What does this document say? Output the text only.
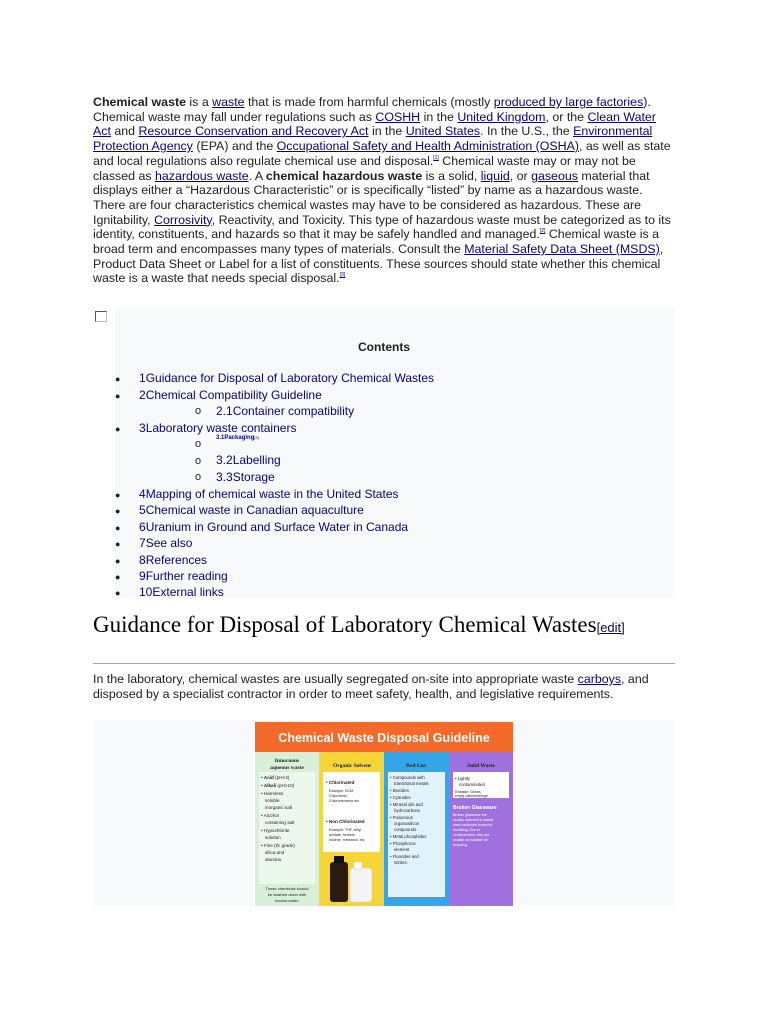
Chemical waste is a waste that is made from harmful chemicals (mostly produced by large factories). Chemical waste may fall under regulations such as COSHH in the United Kingdom, or the Clean Water Act and Resource Conservation and Recovery Act in the United States. In the U.S., the Environmental Protection Agency (EPA) and the Occupational Safety and Health Administration (OSHA), as well as state and local regulations also regulate chemical use and disposal.[1] Chemical waste may or may not be classed as hazardous waste. A chemical hazardous waste is a solid, liquid, or gaseous material that displays either a “Hazardous Characteristic” or is specifically “listed” by name as a hazardous waste. There are four characteristics chemical wastes may have to be considered as hazardous. These are Ignitability, Corrosivity, Reactivity, and Toxicity. This type of hazardous waste must be categorized as to its identity, constituents, and hazards so that it may be safely handled and managed.[2] Chemical waste is a broad term and encompasses many types of materials. Consult the Material Safety Data Sheet (MSDS), Product Data Sheet or Label for a list of constituents. These sources should state whether this chemical waste is a waste that needs special disposal.[3]
Contents
● 1Guidance for Disposal of Laboratory Chemical Wastes
● 2Chemical Compatibility Guideline
o 2.1Container compatibility
● 3Laboratory waste containers
o 3.1Packaging[9]
o 3.2Labelling
o 3.3Storage
● 4Mapping of chemical waste in the United States
● 5Chemical waste in Canadian aquaculture
● 6Uranium in Ground and Surface Water in Canada
● 7See also
● 8References
● 9Further reading
● 10External links
Guidance for Disposal of Laboratory Chemical Wastes[edit]
In the laboratory, chemical wastes are usually segregated on-site into appropriate waste carboys, and disposed by a specialist contractor in order to meet safety, health, and legislative requirements.
Chemical Waste Disposal Guideline
Innocuous
aqueous waste	Organic Solvent	Red List	Solid Waste
• Acid (pH<4)
• Alkali (pH>10)
• Harmless
soluble
inorganic salt
• Alcohol
containing salt
• Hypochlorite
solution
• Fine (tlc grade)
silica and
alumina
These chemicals should
be washed down with
excess water.
• Chlorinated
Example: DCM,
Chloroform,
Chlorobenzene etc.
• Non Chlorinated
Example: THF, ethyl
acetate, hexane,
toluene, methanol, etc.
• Compounds with
transitional metals
• Biocides
• Cyanides
• Mineral oils and
hydrocarbons
• Poisonous
organosilicon
compounds
• Metal phosphides
• Phosphorus
element
• Fluorides and
nitrites.
• Lightly
contaminated
Example: Gloves,
empty vials/centrifuge
Broken Glassware
Broken glassware are
usually collected in plastic
lined cardboard boxes for
landfilling. Due to
contamination, they are
usually not suitable for
recycling.
